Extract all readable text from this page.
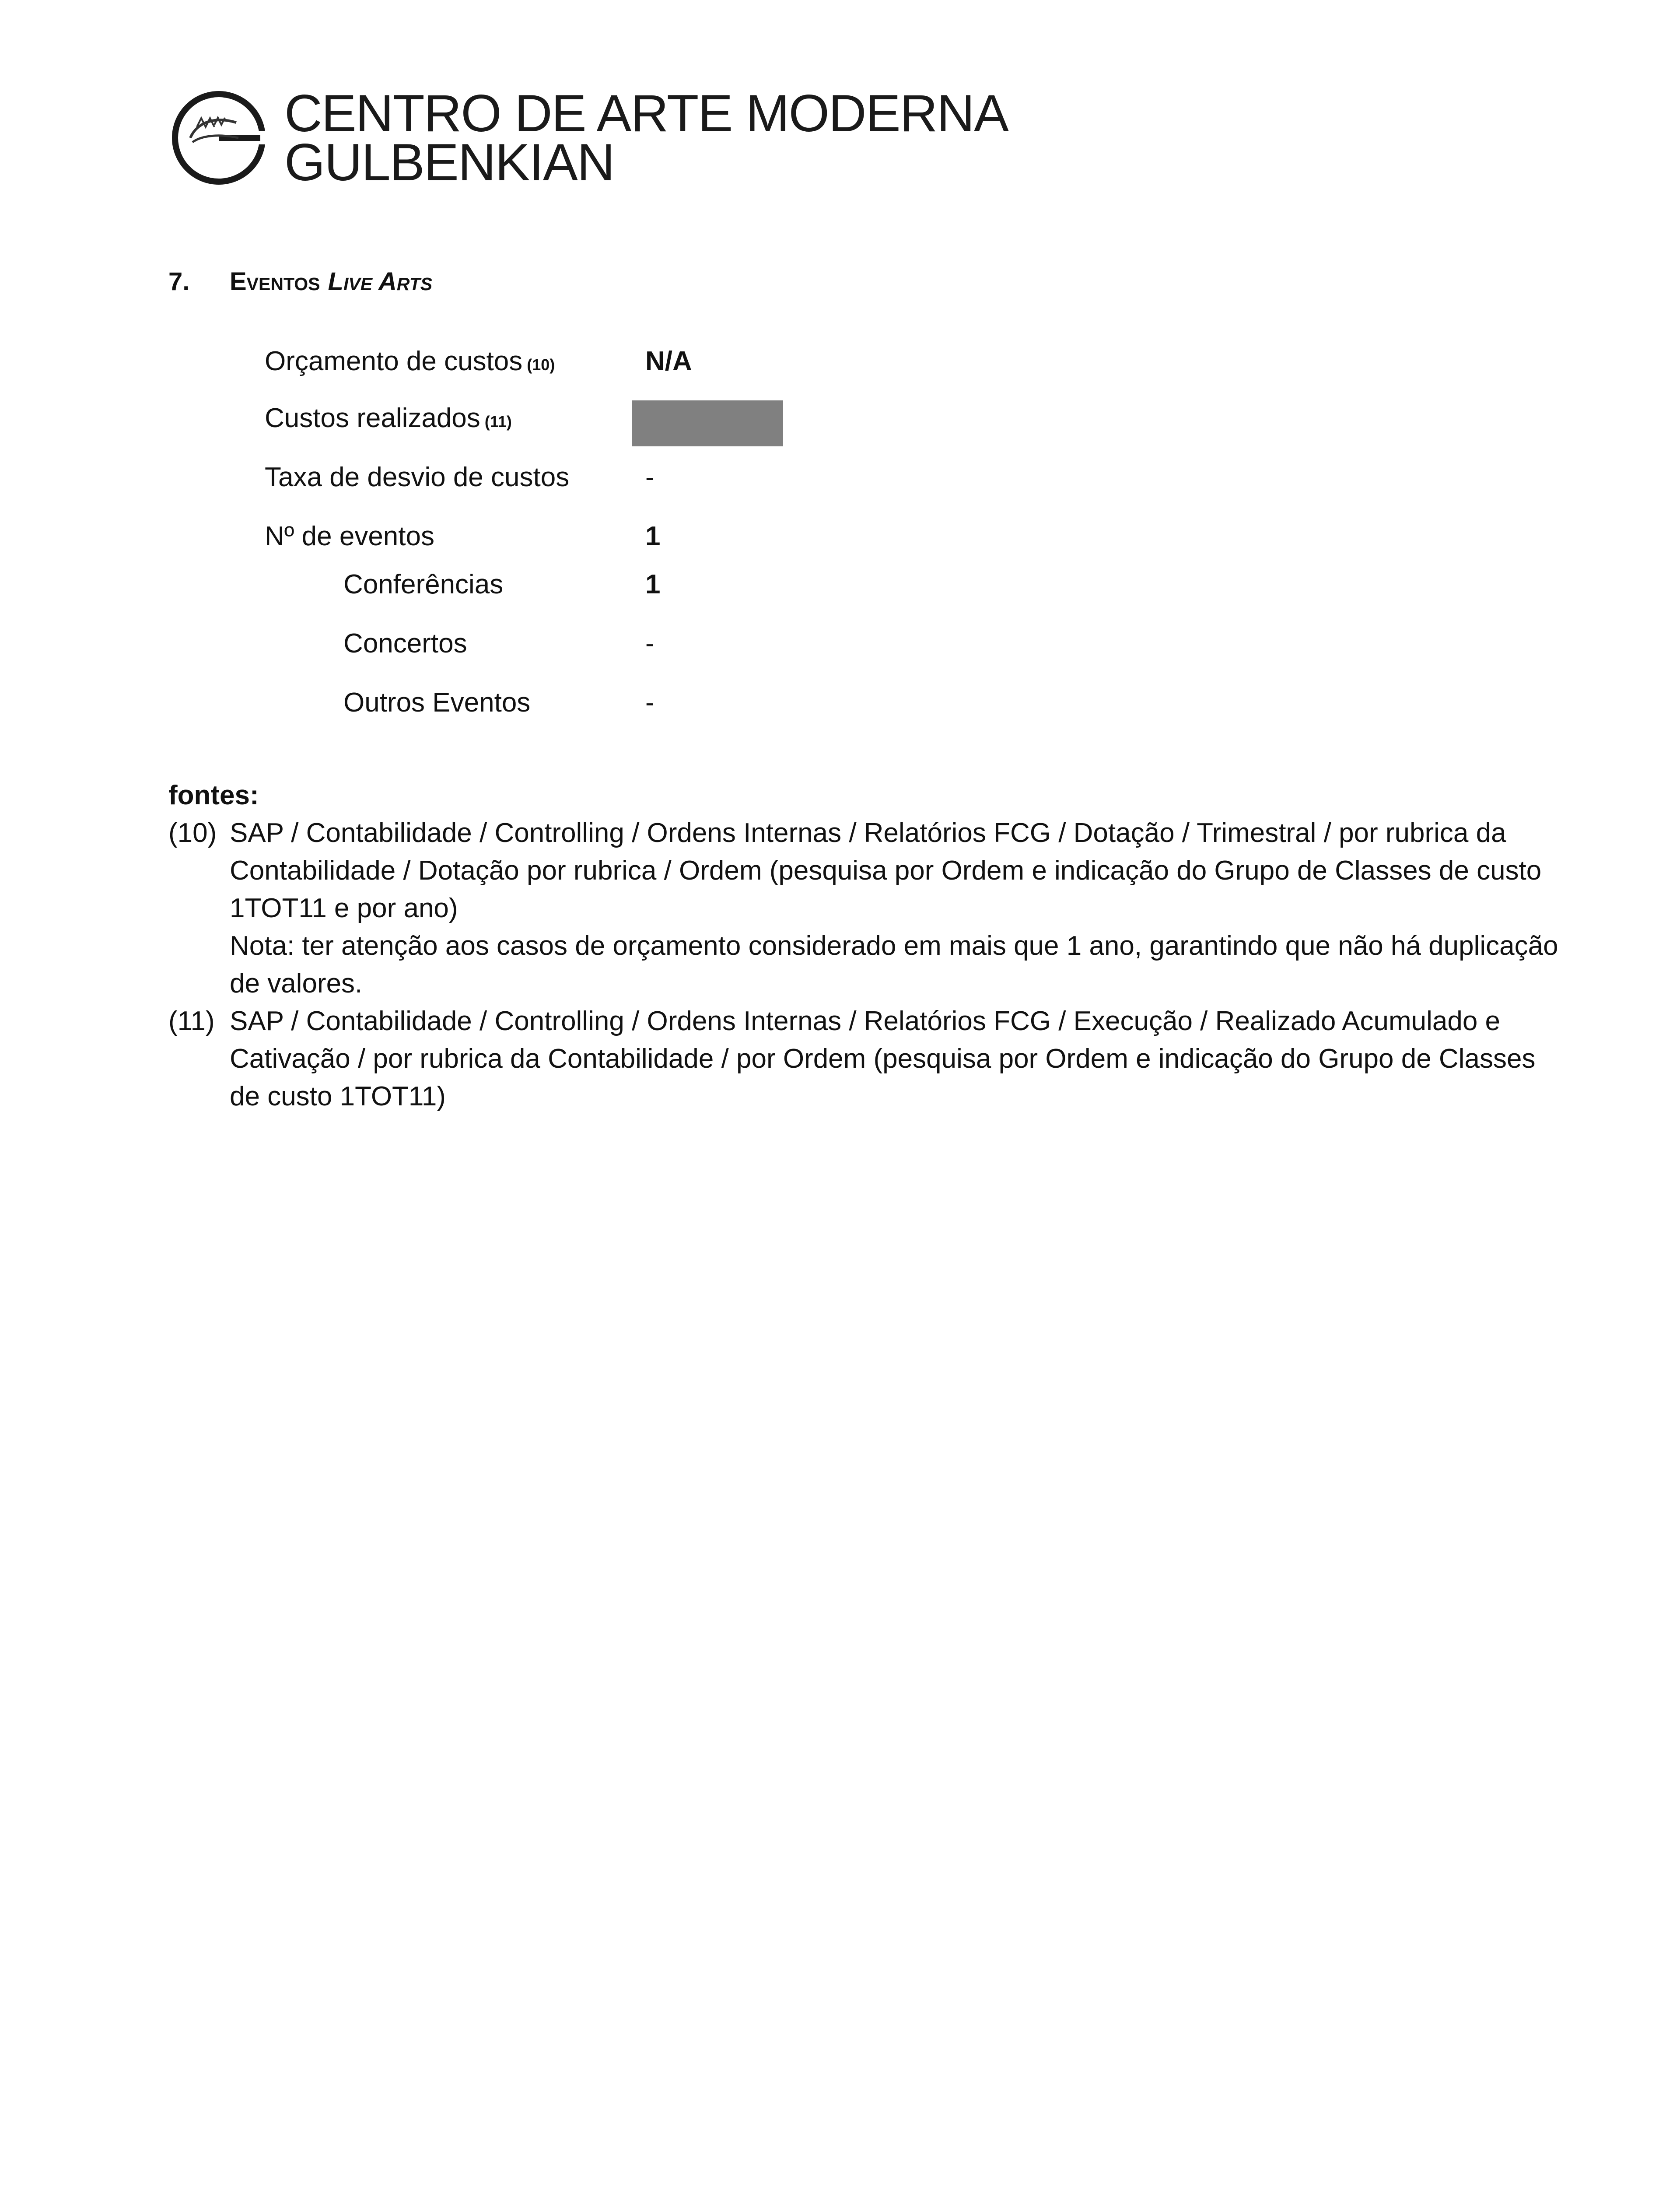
CENTRO DE ARTE MODERNA
GULBENKIAN
7.	Eventos Live Arts
Orçamento de custos (10)	N/A
Custos realizados (11)
Taxa de desvio de custos	-
Nº de eventos	1
Conferências	1
Concertos	-
Outros Eventos	-
fontes:
(10) SAP / Contabilidade / Controlling / Ordens Internas / Relatórios FCG / Dotação / Trimestral / por rubrica da Contabilidade / Dotação por rubrica / Ordem (pesquisa por Ordem e indicação do Grupo de Classes de custo 1TOT11 e por ano)

Nota: ter atenção aos casos de orçamento considerado em mais que 1 ano, garantindo que não há duplicação de valores.

(11) SAP / Contabilidade / Controlling / Ordens Internas / Relatórios FCG / Execução / Realizado Acumulado e Cativação / por rubrica da Contabilidade / por Ordem (pesquisa por Ordem e indicação do Grupo de Classes de custo 1TOT11)
